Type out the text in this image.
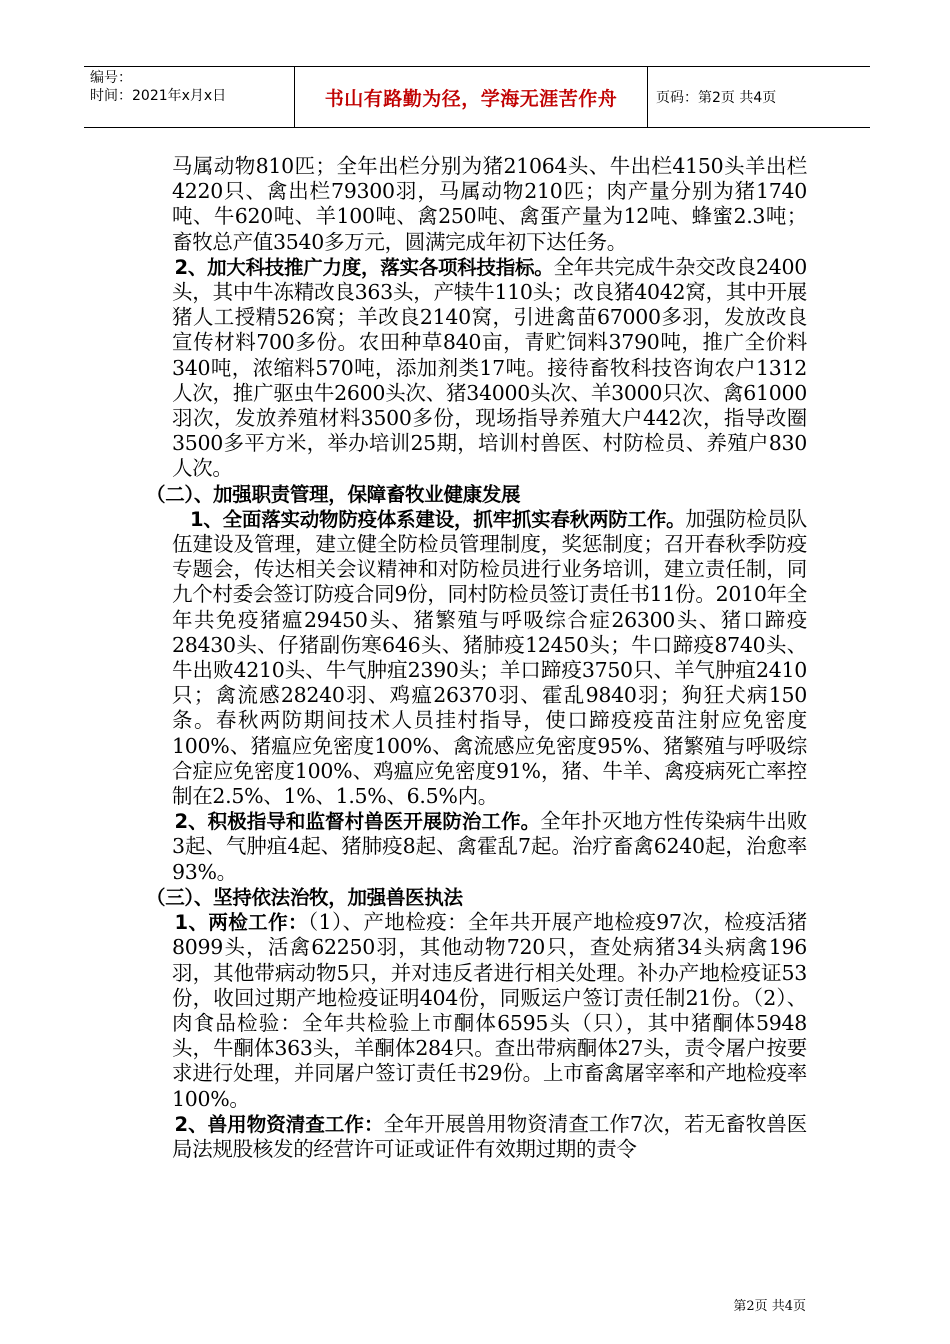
编号：
时间：2021年x月x日	书山有路勤为径，学海无涯苦作舟	页码：第2页 共4页

马属动物810匹；全年出栏分别为猪21064头、牛出栏4150头羊出栏4220只、禽出栏79300羽，马属动物210匹；肉产量分别为猪1740吨、牛620吨、羊100吨、禽250吨、禽蛋产量为12吨、蜂蜜2.3吨；畜牧总产值3540多万元，圆满完成年初下达任务。

2、加大科技推广力度，落实各项科技指标。全年共完成牛杂交改良2400头，其中牛冻精改良363头，产犊牛110头；改良猪4042窝，其中开展猪人工授精526窝；羊改良2140窝，引进禽苗67000多羽，发放改良宣传材料700多份。农田种草840亩，青贮饲料3790吨，推广全价料340吨，浓缩料570吨，添加剂类17吨。接待畜牧科技咨询农户1312人次，推广驱虫牛2600头次、猪34000头次、羊3000只次、禽61000羽次，发放养殖材料3500多份，现场指导养殖大户442次，指导改圈3500多平方米，举办培训25期，培训村兽医、村防检员、养殖户830人次。

（二）、加强职责管理，保障畜牧业健康发展

1、全面落实动物防疫体系建设，抓牢抓实春秋两防工作。加强防检员队伍建设及管理，建立健全防检员管理制度，奖惩制度；召开春秋季防疫专题会，传达相关会议精神和对防检员进行业务培训，建立责任制，同九个村委会签订防疫合同9份，同村防检员签订责任书11份。2010年全年共免疫猪瘟29450头、猪繁殖与呼吸综合症26300头、猪口蹄疫28430头、仔猪副伤寒646头、猪肺疫12450头；牛口蹄疫8740头、牛出败4210头、牛气肿疽2390头；羊口蹄疫3750只、羊气肿疽2410只；禽流感28240羽、鸡瘟26370羽、霍乱9840羽；狗狂犬病150条。春秋两防期间技术人员挂村指导，使口蹄疫疫苗注射应免密度100%、猪瘟应免密度100%、禽流感应免密度95%、猪繁殖与呼吸综合症应免密度100%、鸡瘟应免密度91%，猪、牛羊、禽疫病死亡率控制在2.5%、1%、1.5%、6.5%内。

2、积极指导和监督村兽医开展防治工作。全年扑灭地方性传染病牛出败3起、气肿疽4起、猪肺疫8起、禽霍乱7起。治疗畜禽6240起，治愈率93%。

（三）、坚持依法治牧，加强兽医执法

1、两检工作：（1）、产地检疫：全年共开展产地检疫97次，检疫活猪8099头，活禽62250羽，其他动物720只，查处病猪34头病禽196羽，其他带病动物5只，并对违反者进行相关处理。补办产地检疫证53份，收回过期产地检疫证明404份，同贩运户签订责任制21份。（2）、肉食品检验：全年共检验上市酮体6595头（只），其中猪酮体5948头，牛酮体363头，羊酮体284只。查出带病酮体27头，责令屠户按要求进行处理，并同屠户签订责任书29份。上市畜禽屠宰率和产地检疫率100%。

2、兽用物资清查工作：全年开展兽用物资清查工作7次，若无畜牧兽医局法规股核发的经营许可证或证件有效期过期的责令

第2页 共4页
